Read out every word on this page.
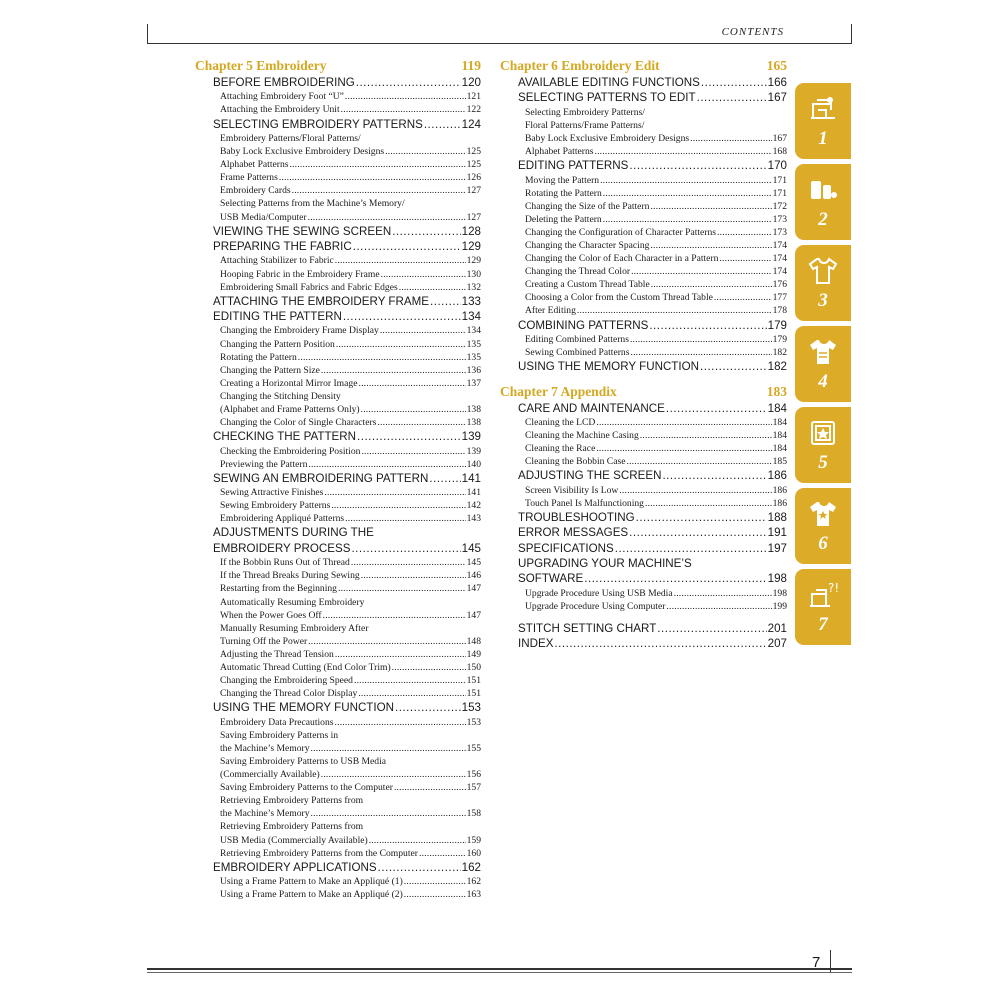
CONTENTS
Chapter 5 Embroidery	119
BEFORE EMBROIDERING .....	120
Attaching Embroidery Foot “U” .....	121
Attaching the Embroidery Unit .....	122
SELECTING EMBROIDERY PATTERNS .....	124
Embroidery Patterns/Floral Patterns/
Baby Lock Exclusive Embroidery Designs .....	125
Alphabet Patterns .....	125
Frame Patterns .....	126
Embroidery Cards .....	127
Selecting Patterns from the Machine’s Memory/
USB Media/Computer .....	127
VIEWING THE SEWING SCREEN .....	128
PREPARING THE FABRIC .....	129
Attaching Stabilizer to Fabric .....	129
Hooping Fabric in the Embroidery Frame .....	130
Embroidering Small Fabrics and Fabric Edges .....	132
ATTACHING THE EMBROIDERY FRAME .....	133
EDITING THE PATTERN .....	134
Changing the Embroidery Frame Display .....	134
Changing the Pattern Position .....	135
Rotating the Pattern .....	135
Changing the Pattern Size .....	136
Creating a Horizontal Mirror Image .....	137
Changing the Stitching Density
(Alphabet and Frame Patterns Only) .....	138
Changing the Color of Single Characters .....	138
CHECKING THE PATTERN .....	139
Checking the Embroidering Position .....	139
Previewing the Pattern .....	140
SEWING AN EMBROIDERING PATTERN .....	141
Sewing Attractive Finishes .....	141
Sewing Embroidery Patterns .....	142
Embroidering Appliqué Patterns .....	143
ADJUSTMENTS DURING THE
EMBROIDERY PROCESS .....	145
If the Bobbin Runs Out of Thread .....	145
If the Thread Breaks During Sewing .....	146
Restarting from the Beginning .....	147
Automatically Resuming Embroidery
When the Power Goes Off .....	147
Manually Resuming Embroidery After
Turning Off the Power .....	148
Adjusting the Thread Tension .....	149
Automatic Thread Cutting (End Color Trim) .....	150
Changing the Embroidering Speed .....	151
Changing the Thread Color Display .....	151
USING THE MEMORY FUNCTION .....	153
Embroidery Data Precautions .....	153
Saving Embroidery Patterns in
the Machine’s Memory .....	155
Saving Embroidery Patterns to USB Media
(Commercially Available) .....	156
Saving Embroidery Patterns to the Computer .....	157
Retrieving Embroidery Patterns from
the Machine’s Memory .....	158
Retrieving Embroidery Patterns from
USB Media (Commercially Available) .....	159
Retrieving Embroidery Patterns from the Computer .....	160
EMBROIDERY APPLICATIONS .....	162
Using a Frame Pattern to Make an Appliqué (1) .....	162
Using a Frame Pattern to Make an Appliqué (2) .....	163
Chapter 6 Embroidery Edit	165
AVAILABLE EDITING FUNCTIONS .....	166
SELECTING PATTERNS TO EDIT .....	167
Selecting Embroidery Patterns/
Floral Patterns/Frame Patterns/
Baby Lock Exclusive Embroidery Designs .....	167
Alphabet Patterns .....	168
EDITING PATTERNS .....	170
Moving the Pattern .....	171
Rotating the Pattern .....	171
Changing the Size of the Pattern .....	172
Deleting the Pattern .....	173
Changing the Configuration of Character Patterns .....	173
Changing the Character Spacing .....	174
Changing the Color of Each Character in a Pattern .....	174
Changing the Thread Color .....	174
Creating a Custom Thread Table .....	176
Choosing a Color from the Custom Thread Table .....	177
After Editing .....	178
COMBINING PATTERNS .....	179
Editing Combined Patterns .....	179
Sewing Combined Patterns .....	182
USING THE MEMORY FUNCTION .....	182
Chapter 7 Appendix	183
CARE AND MAINTENANCE .....	184
Cleaning the LCD .....	184
Cleaning the Machine Casing .....	184
Cleaning the Race .....	184
Cleaning the Bobbin Case .....	185
ADJUSTING THE SCREEN .....	186
Screen Visibility Is Low .....	186
Touch Panel Is Malfunctioning .....	186
TROUBLESHOOTING .....	188
ERROR MESSAGES .....	191
SPECIFICATIONS .....	197
UPGRADING YOUR MACHINE’S
SOFTWARE .....	198
Upgrade Procedure Using USB Media .....	198
Upgrade Procedure Using Computer .....	199
STITCH SETTING CHART .....	201
INDEX .....	207
1
2
3
4
5
6
?!
7
7
